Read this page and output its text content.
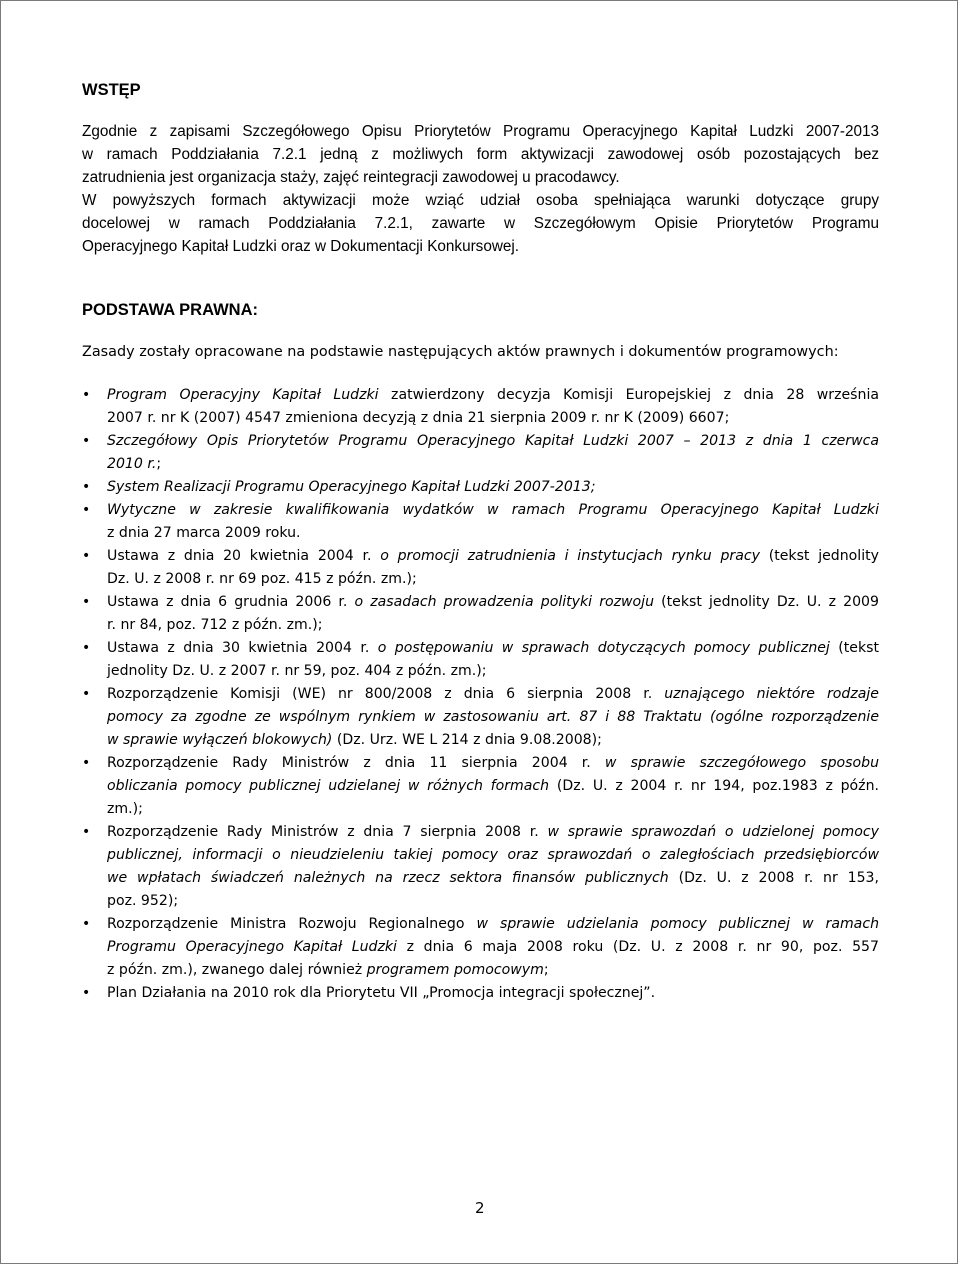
WSTĘP
Zgodnie z zapisami Szczegółowego Opisu Priorytetów Programu Operacyjnego Kapitał Ludzki 2007-2013
w ramach Poddziałania 7.2.1 jedną z możliwych form aktywizacji zawodowej osób pozostających bez
zatrudnienia jest organizacja staży, zajęć reintegracji zawodowej u pracodawcy.
W powyższych formach aktywizacji może wziąć udział osoba spełniająca warunki dotyczące grupy
docelowej w ramach Poddziałania 7.2.1, zawarte w Szczegółowym Opisie Priorytetów Programu
Operacyjnego Kapitał Ludzki oraz w Dokumentacji Konkursowej.
PODSTAWA PRAWNA:
Zasady zostały opracowane na podstawie następujących aktów prawnych i dokumentów programowych:
• Program Operacyjny Kapitał Ludzki zatwierdzony decyzja Komisji Europejskiej z dnia 28 września
2007 r. nr K (2007) 4547 zmieniona decyzją z dnia 21 sierpnia 2009 r. nr K (2009) 6607;
• Szczegółowy Opis Priorytetów Programu Operacyjnego Kapitał Ludzki 2007 – 2013 z dnia 1 czerwca
2010 r.;
• System Realizacji Programu Operacyjnego Kapitał Ludzki 2007-2013;
• Wytyczne w zakresie kwalifikowania wydatków w ramach Programu Operacyjnego Kapitał Ludzki
z dnia 27 marca 2009 roku.
• Ustawa z dnia 20 kwietnia 2004 r. o promocji zatrudnienia i instytucjach rynku pracy (tekst jednolity
Dz. U. z 2008 r. nr 69 poz. 415 z późn. zm.);
• Ustawa z dnia 6 grudnia 2006 r. o zasadach prowadzenia polityki rozwoju (tekst jednolity Dz. U. z 2009
r. nr 84, poz. 712 z późn. zm.);
• Ustawa z dnia 30 kwietnia 2004 r. o postępowaniu w sprawach dotyczących pomocy publicznej (tekst
jednolity Dz. U. z 2007 r. nr 59, poz. 404 z późn. zm.);
• Rozporządzenie Komisji (WE) nr 800/2008 z dnia 6 sierpnia 2008 r. uznającego niektóre rodzaje
pomocy za zgodne ze wspólnym rynkiem w zastosowaniu art. 87 i 88 Traktatu (ogólne rozporządzenie
w sprawie wyłączeń blokowych) (Dz. Urz. WE L 214 z dnia 9.08.2008);
• Rozporządzenie Rady Ministrów z dnia 11 sierpnia 2004 r. w sprawie szczegółowego sposobu
obliczania pomocy publicznej udzielanej w różnych formach (Dz. U. z 2004 r. nr 194, poz.1983 z późn.
zm.);
• Rozporządzenie Rady Ministrów z dnia 7 sierpnia 2008 r. w sprawie sprawozdań o udzielonej pomocy
publicznej, informacji o nieudzieleniu takiej pomocy oraz sprawozdań o zaległościach przedsiębiorców
we wpłatach świadczeń należnych na rzecz sektora finansów publicznych (Dz. U. z 2008 r. nr 153,
poz. 952);
• Rozporządzenie Ministra Rozwoju Regionalnego w sprawie udzielania pomocy publicznej w ramach
Programu Operacyjnego Kapitał Ludzki z dnia 6 maja 2008 roku (Dz. U. z 2008 r. nr 90, poz. 557
z późn. zm.), zwanego dalej również programem pomocowym;
• Plan Działania na 2010 rok dla Priorytetu VII „Promocja integracji społecznej”.
2
